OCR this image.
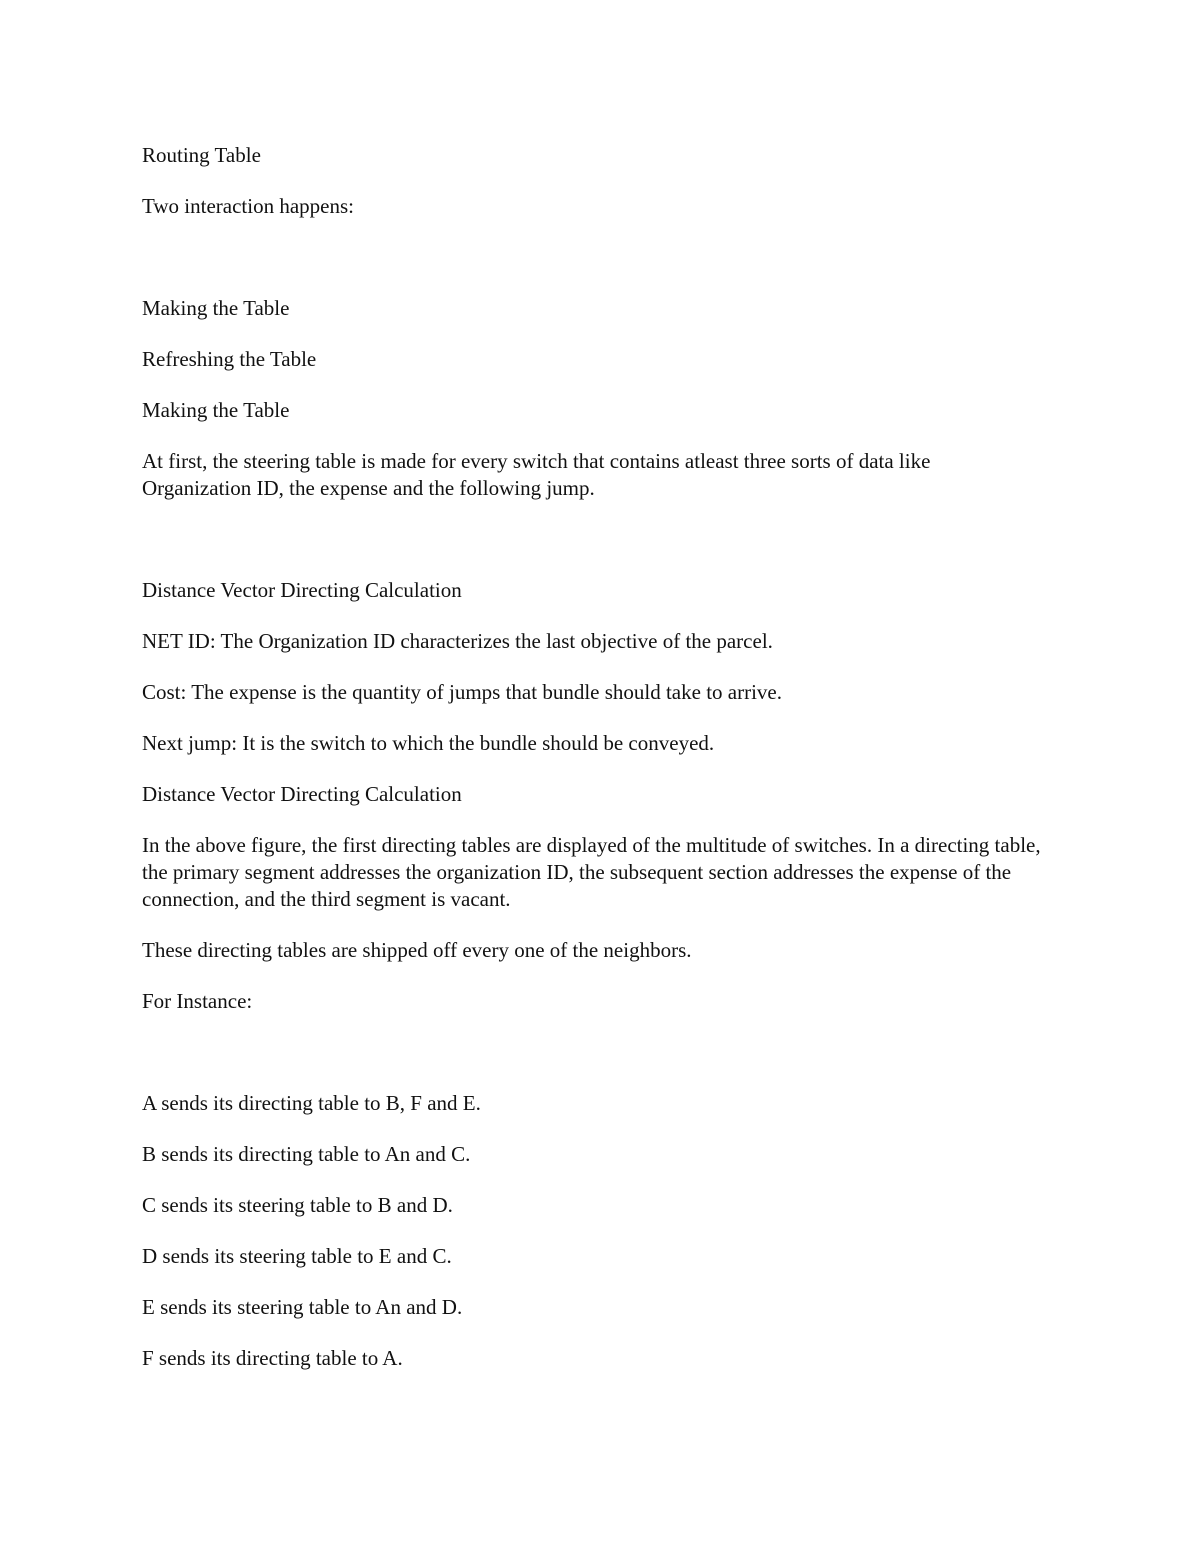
Routing Table

Two interaction happens:

Making the Table

Refreshing the Table

Making the Table

At first, the steering table is made for every switch that contains atleast three sorts of data like Organization ID, the expense and the following jump.

Distance Vector Directing Calculation

NET ID: The Organization ID characterizes the last objective of the parcel.

Cost: The expense is the quantity of jumps that bundle should take to arrive.

Next jump: It is the switch to which the bundle should be conveyed.

Distance Vector Directing Calculation

In the above figure, the first directing tables are displayed of the multitude of switches. In a directing table, the primary segment addresses the organization ID, the subsequent section addresses the expense of the connection, and the third segment is vacant.

These directing tables are shipped off every one of the neighbors.

For Instance:

A sends its directing table to B, F and E.

B sends its directing table to An and C.

C sends its steering table to B and D.

D sends its steering table to E and C.

E sends its steering table to An and D.

F sends its directing table to A.
